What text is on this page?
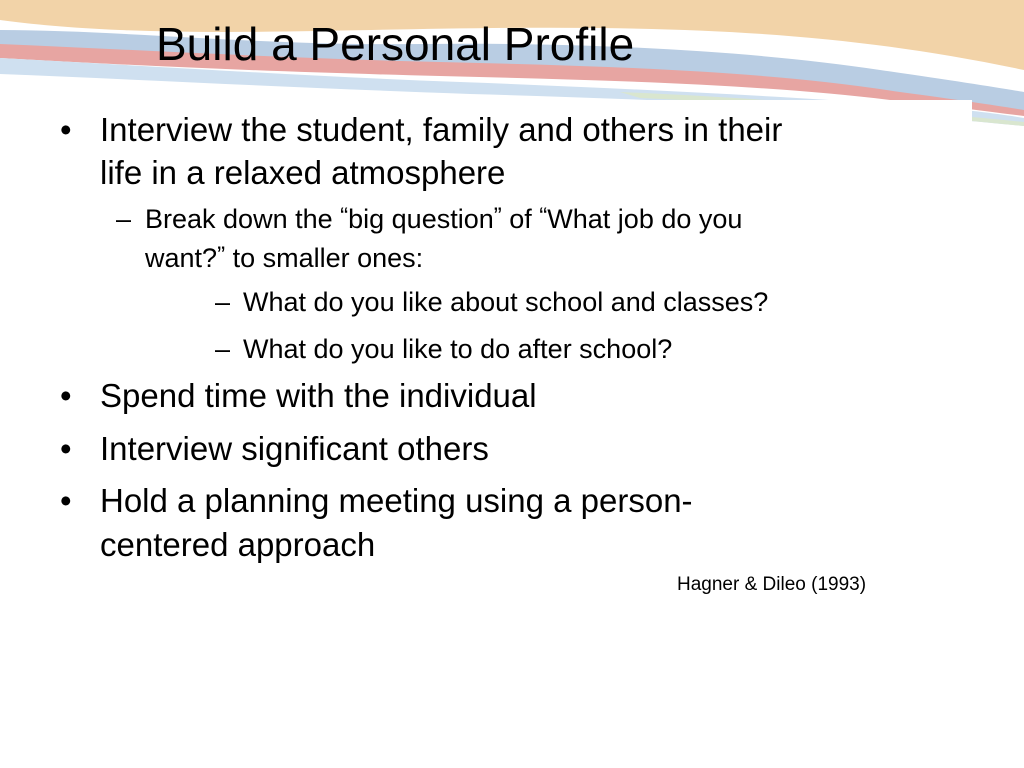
Build a Personal Profile
• Interview the student, family and others in their
life in a relaxed atmosphere
– Break down the “big question” of “What job do you
want?” to smaller ones:
– What do you like about school and classes?
– What do you like to do after school?
• Spend time with the individual
• Interview significant others
• Hold a planning meeting using a person-
centered approach
Hagner & Dileo (1993)
